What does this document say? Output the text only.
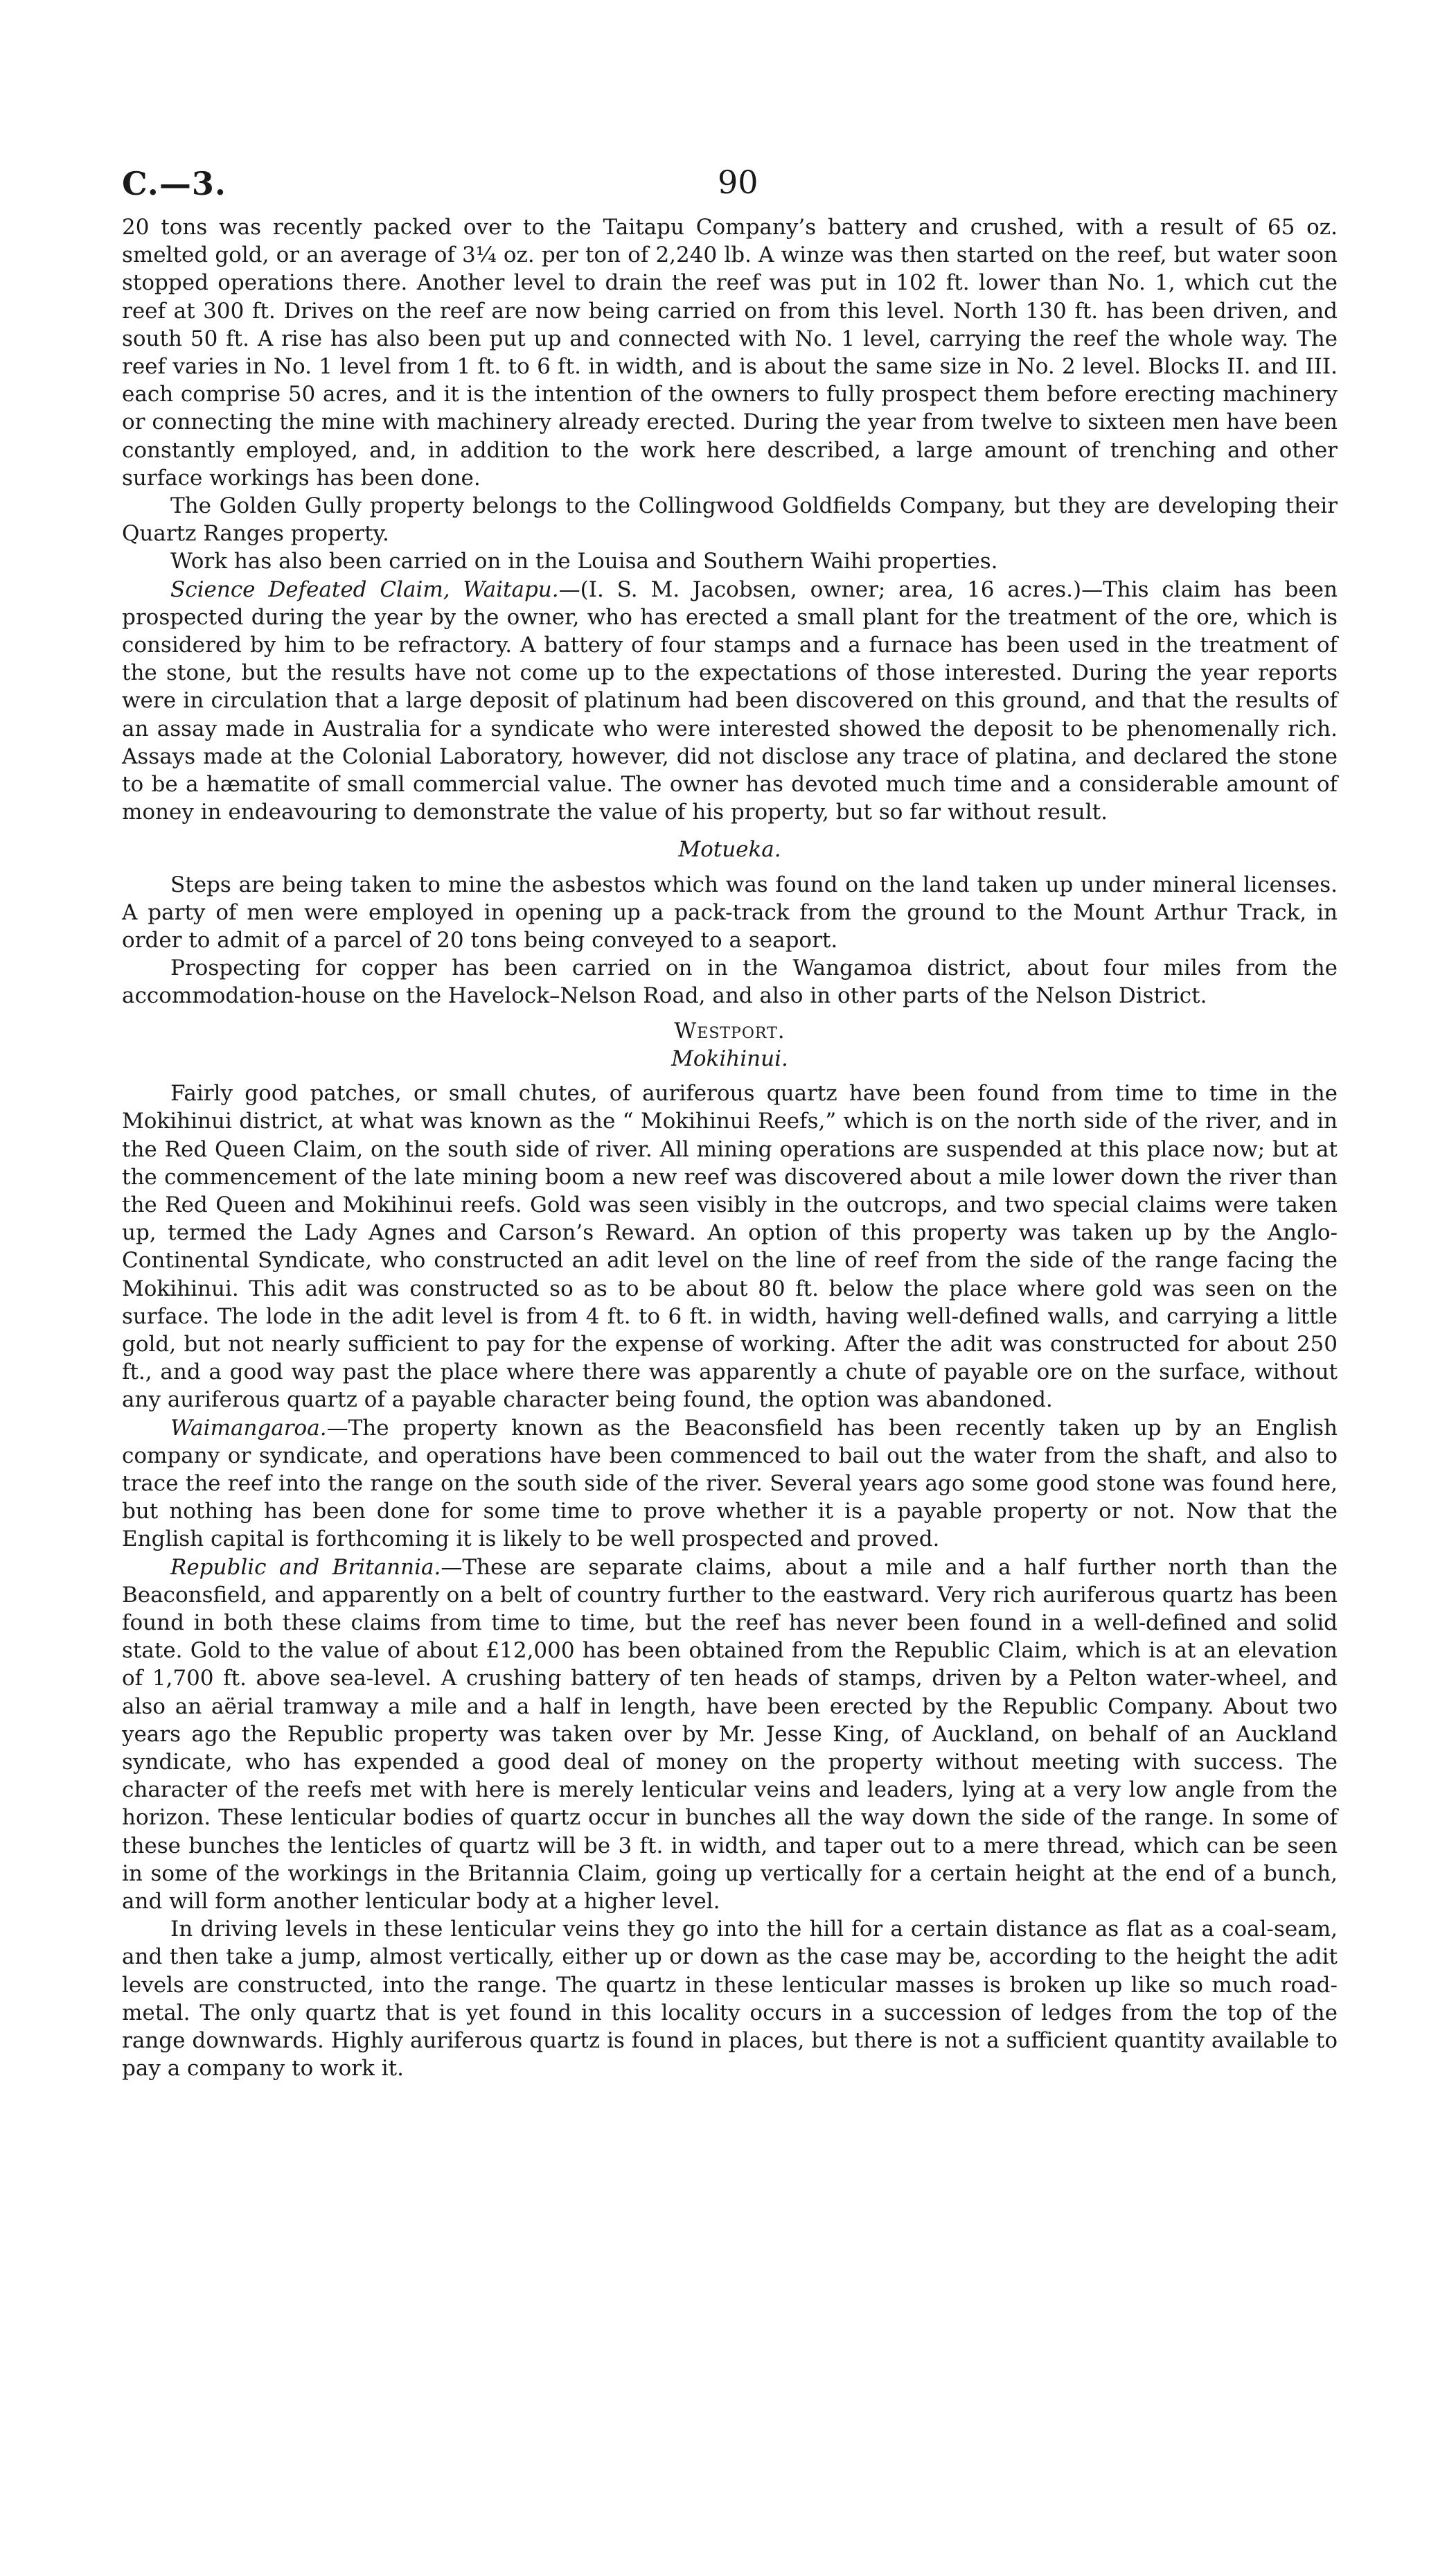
C.—3.	90

20 tons was recently packed over to the Taitapu Company’s battery and crushed, with a result of 65 oz. smelted gold, or an average of 3¼ oz. per ton of 2,240 lb. A winze was then started on the reef, but water soon stopped operations there. Another level to drain the reef was put in 102 ft. lower than No. 1, which cut the reef at 300 ft. Drives on the reef are now being carried on from this level. North 130 ft. has been driven, and south 50 ft. A rise has also been put up and connected with No. 1 level, carrying the reef the whole way. The reef varies in No. 1 level from 1 ft. to 6 ft. in width, and is about the same size in No. 2 level. Blocks II. and III. each comprise 50 acres, and it is the intention of the owners to fully prospect them before erecting machinery or connecting the mine with machinery already erected. During the year from twelve to sixteen men have been constantly employed, and, in addition to the work here described, a large amount of trenching and other surface workings has been done.

The Golden Gully property belongs to the Collingwood Goldfields Company, but they are developing their Quartz Ranges property.

Work has also been carried on in the Louisa and Southern Waihi properties.

Science Defeated Claim, Waitapu.—(I. S. M. Jacobsen, owner; area, 16 acres.)—This claim has been prospected during the year by the owner, who has erected a small plant for the treatment of the ore, which is considered by him to be refractory. A battery of four stamps and a furnace has been used in the treatment of the stone, but the results have not come up to the expectations of those interested. During the year reports were in circulation that a large deposit of platinum had been discovered on this ground, and that the results of an assay made in Australia for a syndicate who were interested showed the deposit to be phenomenally rich. Assays made at the Colonial Laboratory, however, did not disclose any trace of platina, and declared the stone to be a hæmatite of small commercial value. The owner has devoted much time and a considerable amount of money in endeavouring to demonstrate the value of his property, but so far without result.

Motueka.

Steps are being taken to mine the asbestos which was found on the land taken up under mineral licenses. A party of men were employed in opening up a pack-track from the ground to the Mount Arthur Track, in order to admit of a parcel of 20 tons being conveyed to a seaport.

Prospecting for copper has been carried on in the Wangamoa district, about four miles from the accommodation-house on the Havelock–Nelson Road, and also in other parts of the Nelson District.

Westport.
Mokihinui.

Fairly good patches, or small chutes, of auriferous quartz have been found from time to time in the Mokihinui district, at what was known as the “ Mokihinui Reefs,” which is on the north side of the river, and in the Red Queen Claim, on the south side of river. All mining operations are suspended at this place now; but at the commencement of the late mining boom a new reef was discovered about a mile lower down the river than the Red Queen and Mokihinui reefs. Gold was seen visibly in the outcrops, and two special claims were taken up, termed the Lady Agnes and Carson’s Reward. An option of this property was taken up by the Anglo-Continental Syndicate, who constructed an adit level on the line of reef from the side of the range facing the Mokihinui. This adit was constructed so as to be about 80 ft. below the place where gold was seen on the surface. The lode in the adit level is from 4 ft. to 6 ft. in width, having well-defined walls, and carrying a little gold, but not nearly sufficient to pay for the expense of working. After the adit was constructed for about 250 ft., and a good way past the place where there was apparently a chute of payable ore on the surface, without any auriferous quartz of a payable character being found, the option was abandoned.

Waimangaroa.—The property known as the Beaconsfield has been recently taken up by an English company or syndicate, and operations have been commenced to bail out the water from the shaft, and also to trace the reef into the range on the south side of the river. Several years ago some good stone was found here, but nothing has been done for some time to prove whether it is a payable property or not. Now that the English capital is forthcoming it is likely to be well prospected and proved.

Republic and Britannia.—These are separate claims, about a mile and a half further north than the Beaconsfield, and apparently on a belt of country further to the eastward. Very rich auriferous quartz has been found in both these claims from time to time, but the reef has never been found in a well-defined and solid state. Gold to the value of about £12,000 has been obtained from the Republic Claim, which is at an elevation of 1,700 ft. above sea-level. A crushing battery of ten heads of stamps, driven by a Pelton water-wheel, and also an aërial tramway a mile and a half in length, have been erected by the Republic Company. About two years ago the Republic property was taken over by Mr. Jesse King, of Auckland, on behalf of an Auckland syndicate, who has expended a good deal of money on the property without meeting with success. The character of the reefs met with here is merely lenticular veins and leaders, lying at a very low angle from the horizon. These lenticular bodies of quartz occur in bunches all the way down the side of the range. In some of these bunches the lenticles of quartz will be 3 ft. in width, and taper out to a mere thread, which can be seen in some of the workings in the Britannia Claim, going up vertically for a certain height at the end of a bunch, and will form another lenticular body at a higher level.

In driving levels in these lenticular veins they go into the hill for a certain distance as flat as a coal-seam, and then take a jump, almost vertically, either up or down as the case may be, according to the height the adit levels are constructed, into the range. The quartz in these lenticular masses is broken up like so much road-metal. The only quartz that is yet found in this locality occurs in a succession of ledges from the top of the range downwards. Highly auriferous quartz is found in places, but there is not a sufficient quantity available to pay a company to work it.
